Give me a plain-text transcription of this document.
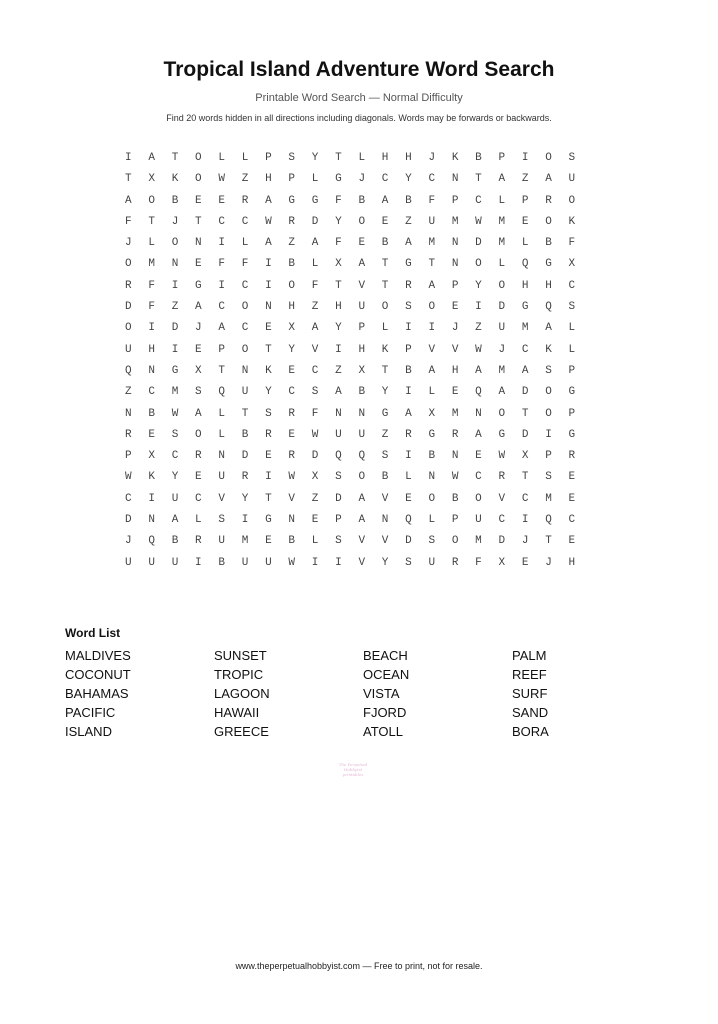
Tropical Island Adventure Word Search
Printable Word Search — Normal Difficulty
Find 20 words hidden in all directions including diagonals. Words may be forwards or backwards.
I	A	T	O	L	L	P	S	Y	T	L	H	H	J	K	B	P	I	O	S
T	X	K	O	W	Z	H	P	L	G	J	C	Y	C	N	T	A	Z	A	U
A	O	B	E	E	R	A	G	G	F	B	A	B	F	P	C	L	P	R	O
F	T	J	T	C	C	W	R	D	Y	O	E	Z	U	M	W	M	E	O	K
J	L	O	N	I	L	A	Z	A	F	E	B	A	M	N	D	M	L	B	F
O	M	N	E	F	F	I	B	L	X	A	T	G	T	N	O	L	Q	G	X
R	F	I	G	I	C	I	O	F	T	V	T	R	A	P	Y	O	H	H	C
D	F	Z	A	C	O	N	H	Z	H	U	O	S	O	E	I	D	G	Q	S
O	I	D	J	A	C	E	X	A	Y	P	L	I	I	J	Z	U	M	A	L
U	H	I	E	P	O	T	Y	V	I	H	K	P	V	V	W	J	C	K	L
Q	N	G	X	T	N	K	E	C	Z	X	T	B	A	H	A	M	A	S	P
Z	C	M	S	Q	U	Y	C	S	A	B	Y	I	L	E	Q	A	D	O	G
N	B	W	A	L	T	S	R	F	N	N	G	A	X	M	N	O	T	O	P
R	E	S	O	L	B	R	E	W	U	U	Z	R	G	R	A	G	D	I	G
P	X	C	R	N	D	E	R	D	Q	Q	S	I	B	N	E	W	X	P	R
W	K	Y	E	U	R	I	W	X	S	O	B	L	N	W	C	R	T	S	E
C	I	U	C	V	Y	T	V	Z	D	A	V	E	O	B	O	V	C	M	E
D	N	A	L	S	I	G	N	E	P	A	N	Q	L	P	U	C	I	Q	C
J	Q	B	R	U	M	E	B	L	S	V	V	D	S	O	M	D	J	T	E
U	U	U	I	B	U	U	W	I	I	V	Y	S	U	R	F	X	E	J	H
Word List
MALDIVES	SUNSET	BEACH	PALM
COCONUT	TROPIC	OCEAN	REEF
BAHAMAS	LAGOON	VISTA	SURF
PACIFIC	HAWAII	FJORD	SAND
ISLAND	GREECE	ATOLL	BORA
The Perpetual
Hobbyist
printables
www.theperpetualhobbyist.com — Free to print, not for resale.
